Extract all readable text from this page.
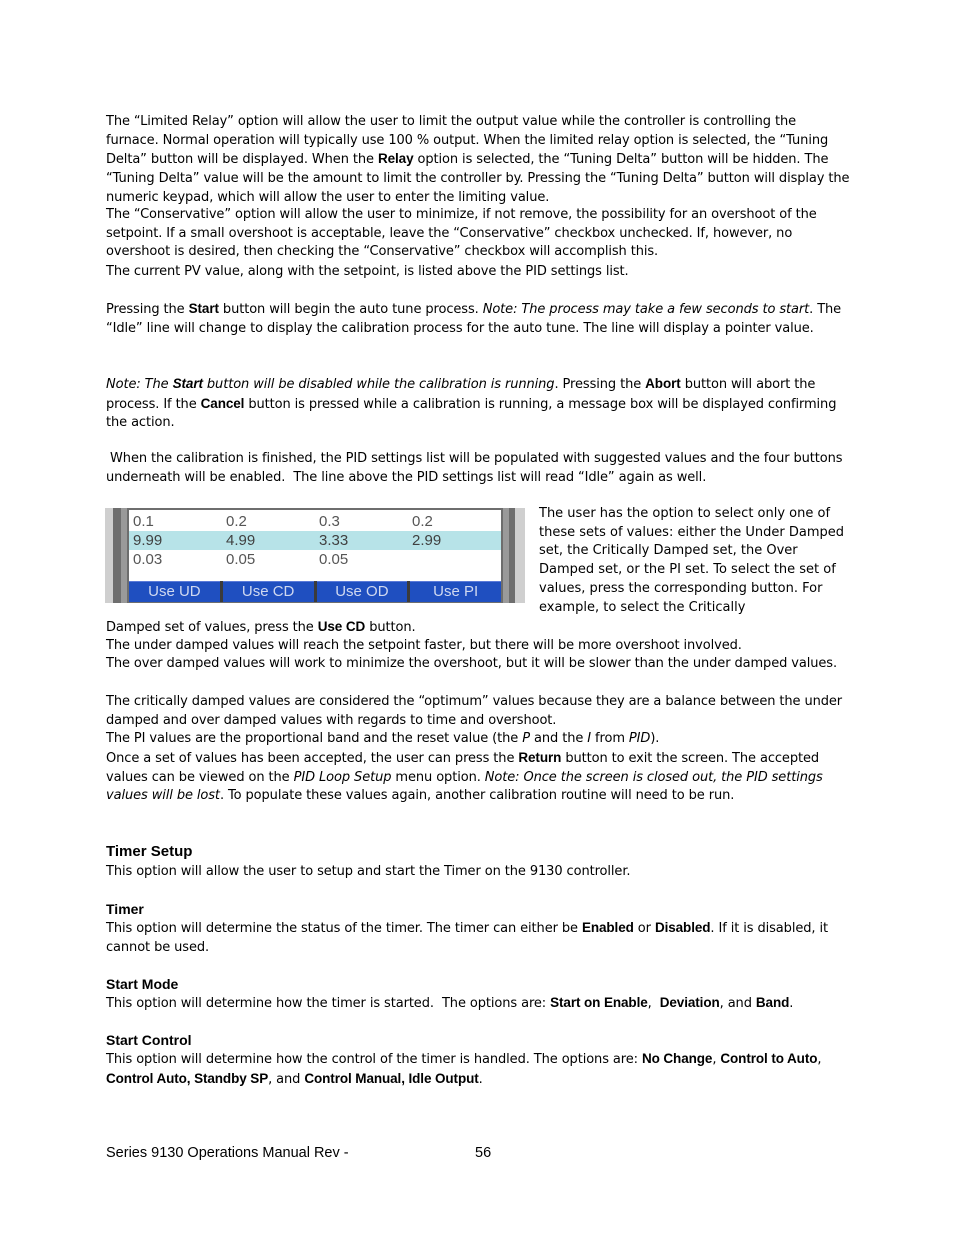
The “Limited Relay” option will allow the user to limit the output value while the controller is controlling the furnace. Normal operation will typically use 100 % output. When the limited relay option is selected, the “Tuning Delta” button will be displayed. When the Relay option is selected, the “Tuning Delta” button will be hidden. The “Tuning Delta” value will be the amount to limit the controller by. Pressing the “Tuning Delta” button will display the numeric keypad, which will allow the user to enter the limiting value.

The “Conservative” option will allow the user to minimize, if not remove, the possibility for an overshoot of the setpoint. If a small overshoot is acceptable, leave the “Conservative” checkbox unchecked. If, however, no overshoot is desired, then checking the “Conservative” checkbox will accomplish this.

The current PV value, along with the setpoint, is listed above the PID settings list.

Pressing the Start button will begin the auto tune process. Note: The process may take a few seconds to start. The “Idle” line will change to display the calibration process for the auto tune. The line will display a pointer value.

Note: The Start button will be disabled while the calibration is running. Pressing the Abort button will abort the process. If the Cancel button is pressed while a calibration is running, a message box will be displayed confirming the action.

When the calibration is finished, the PID settings list will be populated with suggested values and the four buttons underneath will be enabled.  The line above the PID settings list will read “Idle” again as well.

0.1	0.2	0.3	0.2
9.99	4.99	3.33	2.99
0.03	0.05	0.05	
Use UD	Use CD	Use OD	Use PI

The user has the option to select only one of these sets of values: either the Under Damped set, the Critically Damped set, the Over Damped set, or the PI set. To select the set of values, press the corresponding button. For example, to select the Critically

Damped set of values, press the Use CD button.

The under damped values will reach the setpoint faster, but there will be more overshoot involved.

The over damped values will work to minimize the overshoot, but it will be slower than the under damped values.

The critically damped values are considered the “optimum” values because they are a balance between the under damped and over damped values with regards to time and overshoot.

The PI values are the proportional band and the reset value (the P and the I from PID).

Once a set of values has been accepted, the user can press the Return button to exit the screen. The accepted values can be viewed on the PID Loop Setup menu option. Note: Once the screen is closed out, the PID settings values will be lost. To populate these values again, another calibration routine will need to be run.

Timer Setup

This option will allow the user to setup and start the Timer on the 9130 controller.

Timer

This option will determine the status of the timer. The timer can either be Enabled or Disabled. If it is disabled, it cannot be used.

Start Mode

This option will determine how the timer is started.  The options are: Start on Enable,  Deviation, and Band.

Start Control

This option will determine how the control of the timer is handled. The options are: No Change, Control to Auto, Control Auto, Standby SP, and Control Manual, Idle Output.

Series 9130 Operations Manual Rev -	56
